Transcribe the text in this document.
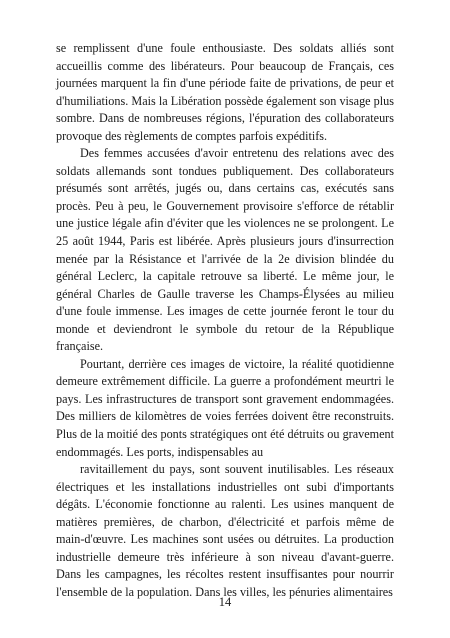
se remplissent d'une foule enthousiaste. Des soldats alliés sont accueillis comme des libérateurs. Pour beaucoup de Français, ces journées marquent la fin d'une période faite de privations, de peur et d'humiliations. Mais la Libération possède également son visage plus sombre. Dans de nombreuses régions, l'épuration des collaborateurs provoque des règlements de comptes parfois expéditifs.

Des femmes accusées d'avoir entretenu des relations avec des soldats allemands sont tondues publiquement. Des collaborateurs présumés sont arrêtés, jugés ou, dans certains cas, exécutés sans procès. Peu à peu, le Gouvernement provisoire s'efforce de rétablir une justice légale afin d'éviter que les violences ne se prolongent. Le 25 août 1944, Paris est libérée. Après plusieurs jours d'insurrection menée par la Résistance et l'arrivée de la 2e division blindée du général Leclerc, la capitale retrouve sa liberté. Le même jour, le général Charles de Gaulle traverse les Champs-Élysées au milieu d'une foule immense. Les images de cette journée feront le tour du monde et deviendront le symbole du retour de la République française.

Pourtant, derrière ces images de victoire, la réalité quotidienne demeure extrêmement difficile. La guerre a profondément meurtri le pays. Les infrastructures de transport sont gravement endommagées. Des milliers de kilomètres de voies ferrées doivent être reconstruits. Plus de la moitié des ponts stratégiques ont été détruits ou gravement endommagés. Les ports, indispensables au

ravitaillement du pays, sont souvent inutilisables. Les réseaux électriques et les installations industrielles ont subi d'importants dégâts. L'économie fonctionne au ralenti. Les usines manquent de matières premières, de charbon, d'électricité et parfois même de main-d'œuvre. Les machines sont usées ou détruites. La production industrielle demeure très inférieure à son niveau d'avant-guerre. Dans les campagnes, les récoltes restent insuffisantes pour nourrir l'ensemble de la population. Dans les villes, les pénuries alimentaires

14
